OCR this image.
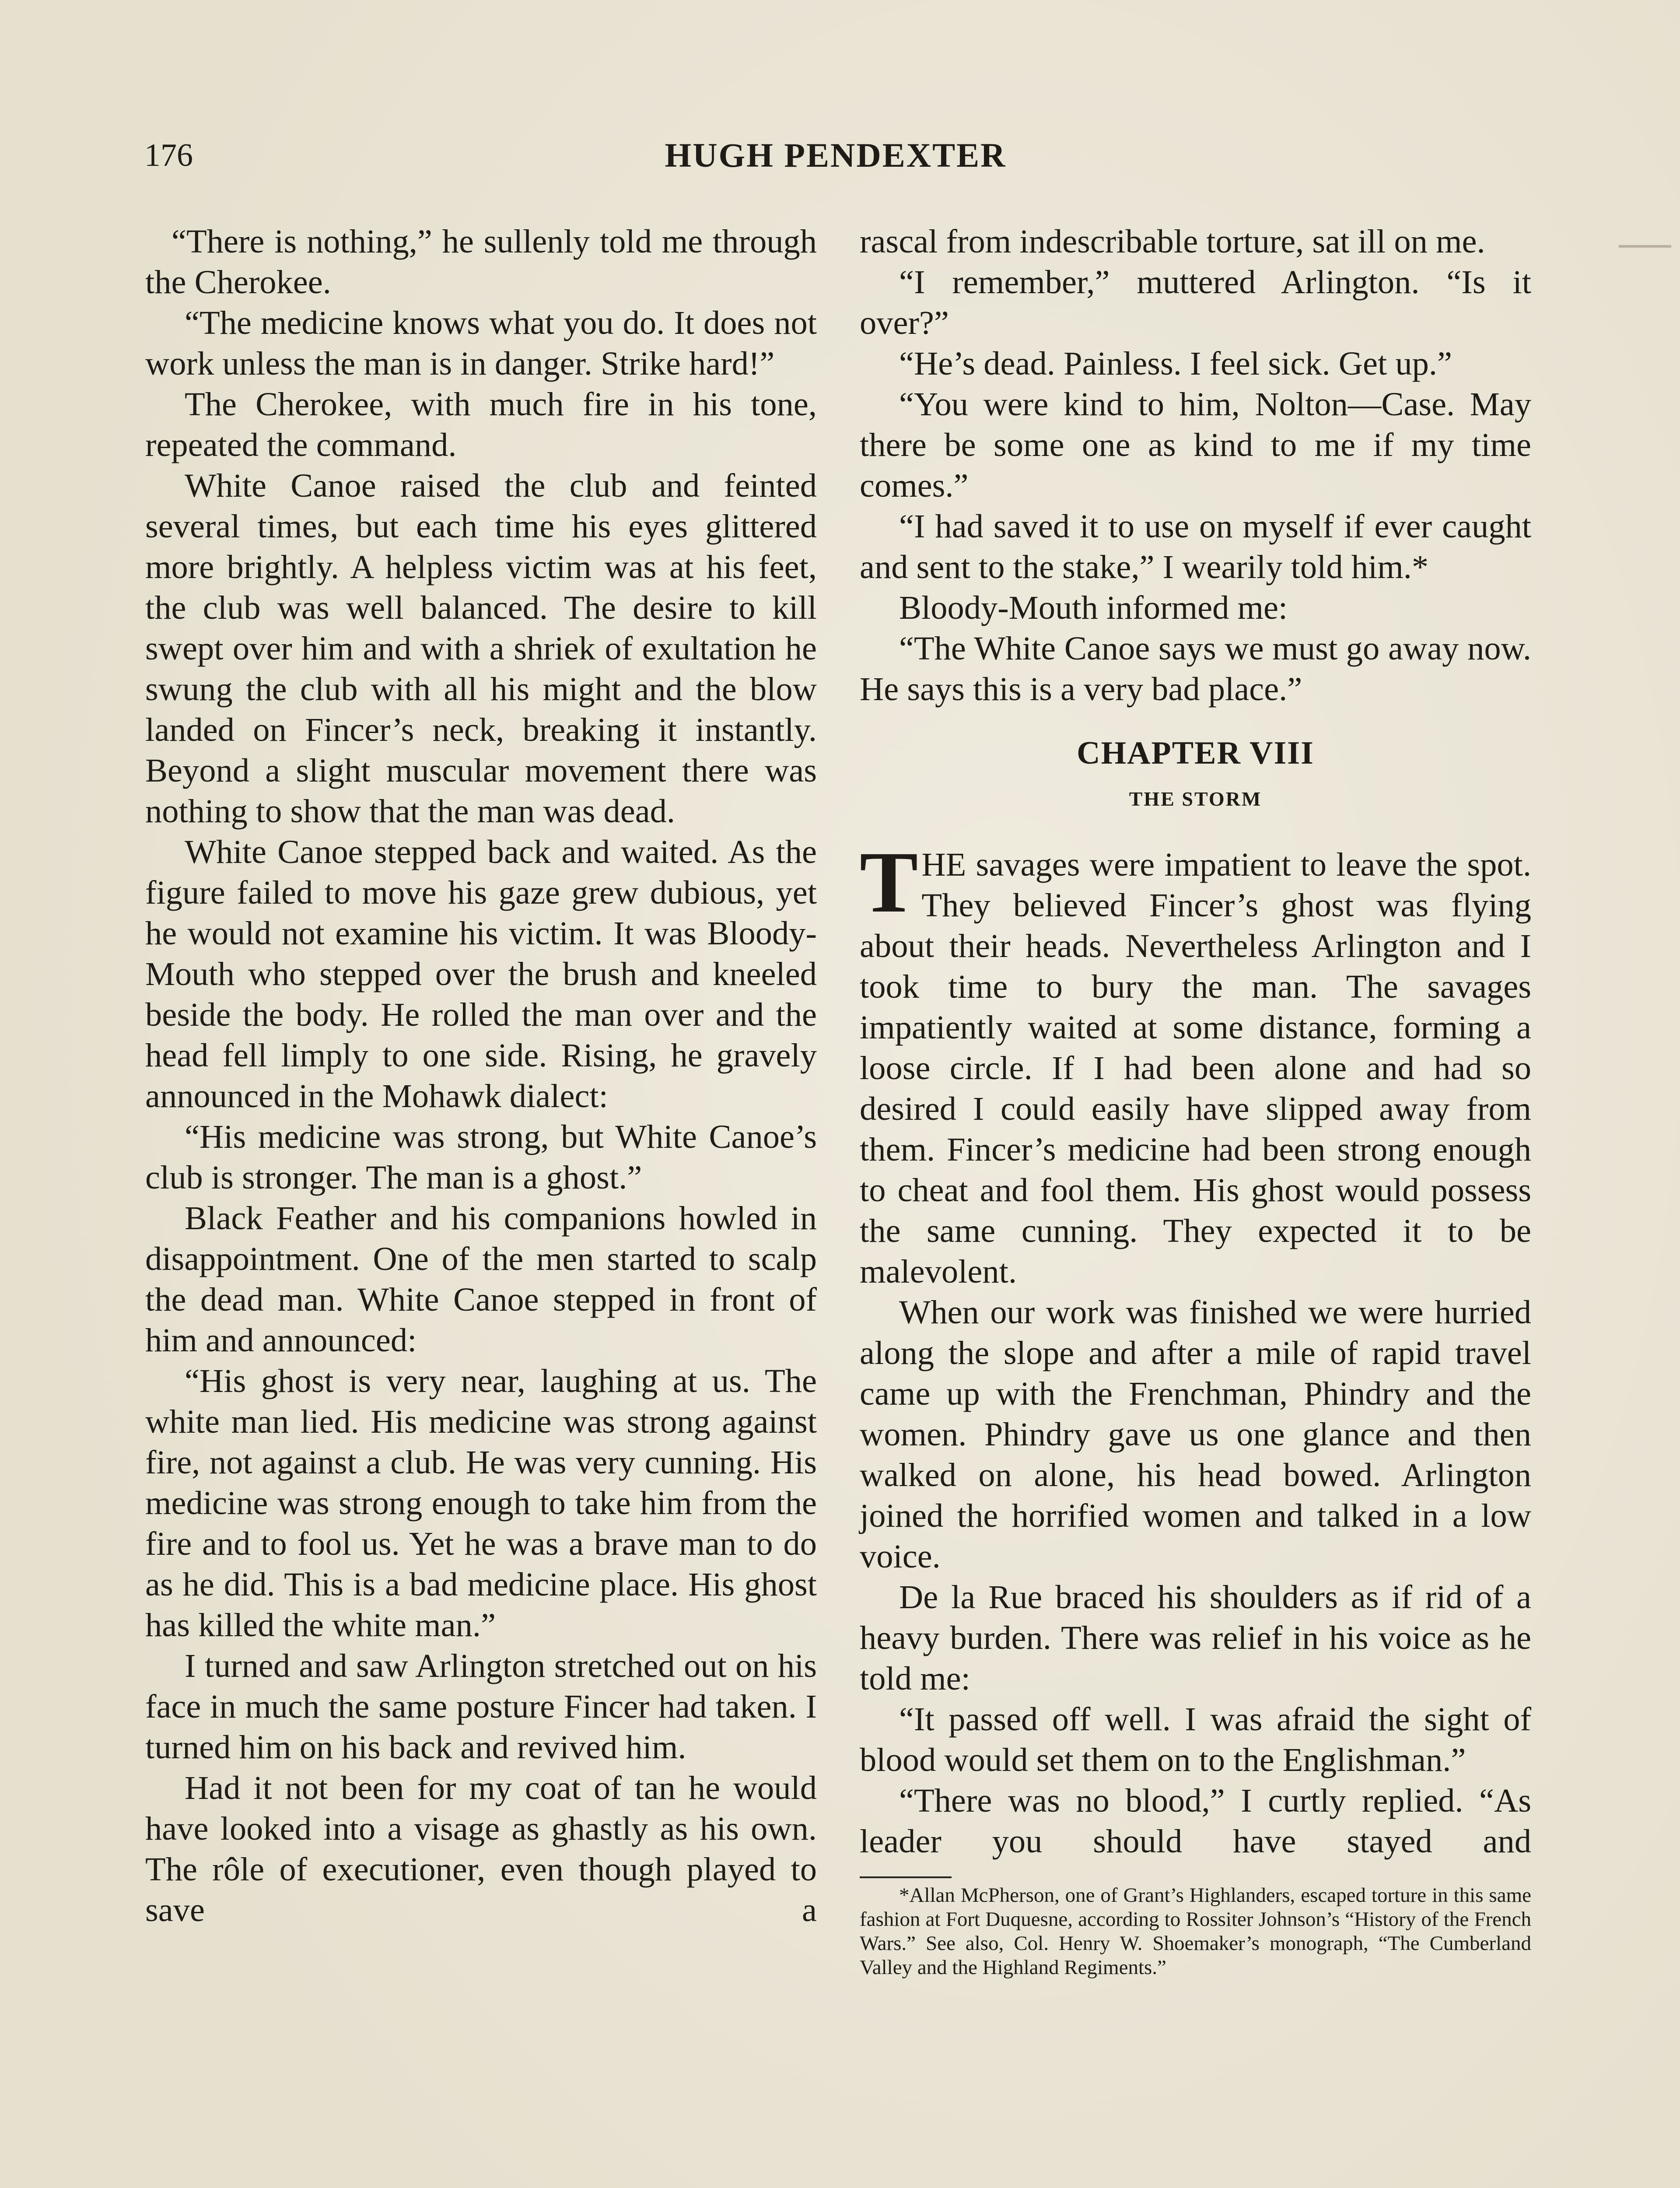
176	HUGH PENDEXTER

“There is nothing,” he sullenly told me through the Cherokee.

“The medicine knows what you do. It does not work unless the man is in danger. Strike hard!”

The Cherokee, with much fire in his tone, repeated the command.

White Canoe raised the club and feinted several times, but each time his eyes glittered more brightly. A helpless victim was at his feet, the club was well balanced. The desire to kill swept over him and with a shriek of exultation he swung the club with all his might and the blow landed on Fincer’s neck, breaking it instantly. Beyond a slight muscular movement there was nothing to show that the man was dead.

White Canoe stepped back and waited. As the figure failed to move his gaze grew dubious, yet he would not examine his victim. It was Bloody-Mouth who stepped over the brush and kneeled beside the body. He rolled the man over and the head fell limply to one side. Rising, he gravely announced in the Mohawk dialect:

“His medicine was strong, but White Canoe’s club is stronger. The man is a ghost.”

Black Feather and his companions howled in disappointment. One of the men started to scalp the dead man. White Canoe stepped in front of him and announced:

“His ghost is very near, laughing at us. The white man lied. His medicine was strong against fire, not against a club. He was very cunning. His medicine was strong enough to take him from the fire and to fool us. Yet he was a brave man to do as he did. This is a bad medicine place. His ghost has killed the white man.”

I turned and saw Arlington stretched out on his face in much the same posture Fincer had taken. I turned him on his back and revived him.

Had it not been for my coat of tan he would have looked into a visage as ghastly as his own. The rôle of executioner, even though played to save a

rascal from indescribable torture, sat ill on me.

“I remember,” muttered Arlington. “Is it over?”

“He’s dead. Painless. I feel sick. Get up.”

“You were kind to him, Nolton—Case. May there be some one as kind to me if my time comes.”

“I had saved it to use on myself if ever caught and sent to the stake,” I wearily told him.*

Bloody-Mouth informed me:

“The White Canoe says we must go away now. He says this is a very bad place.”

CHAPTER VIII
THE STORM

THE savages were impatient to leave the spot. They believed Fincer’s ghost was flying about their heads. Nevertheless Arlington and I took time to bury the man. The savages impatiently waited at some distance, forming a loose circle. If I had been alone and had so desired I could easily have slipped away from them. Fincer’s medicine had been strong enough to cheat and fool them. His ghost would possess the same cunning. They expected it to be malevolent.

When our work was finished we were hurried along the slope and after a mile of rapid travel came up with the Frenchman, Phindry and the women. Phindry gave us one glance and then walked on alone, his head bowed. Arlington joined the horrified women and talked in a low voice.

De la Rue braced his shoulders as if rid of a heavy burden. There was relief in his voice as he told me:

“It passed off well. I was afraid the sight of blood would set them on to the Englishman.”

“There was no blood,” I curtly replied. “As leader you should have stayed and

*Allan McPherson, one of Grant’s Highlanders, escaped torture in this same fashion at Fort Duquesne, according to Rossiter Johnson’s “History of the French Wars.” See also, Col. Henry W. Shoemaker’s monograph, “The Cumberland Valley and the Highland Regiments.”
